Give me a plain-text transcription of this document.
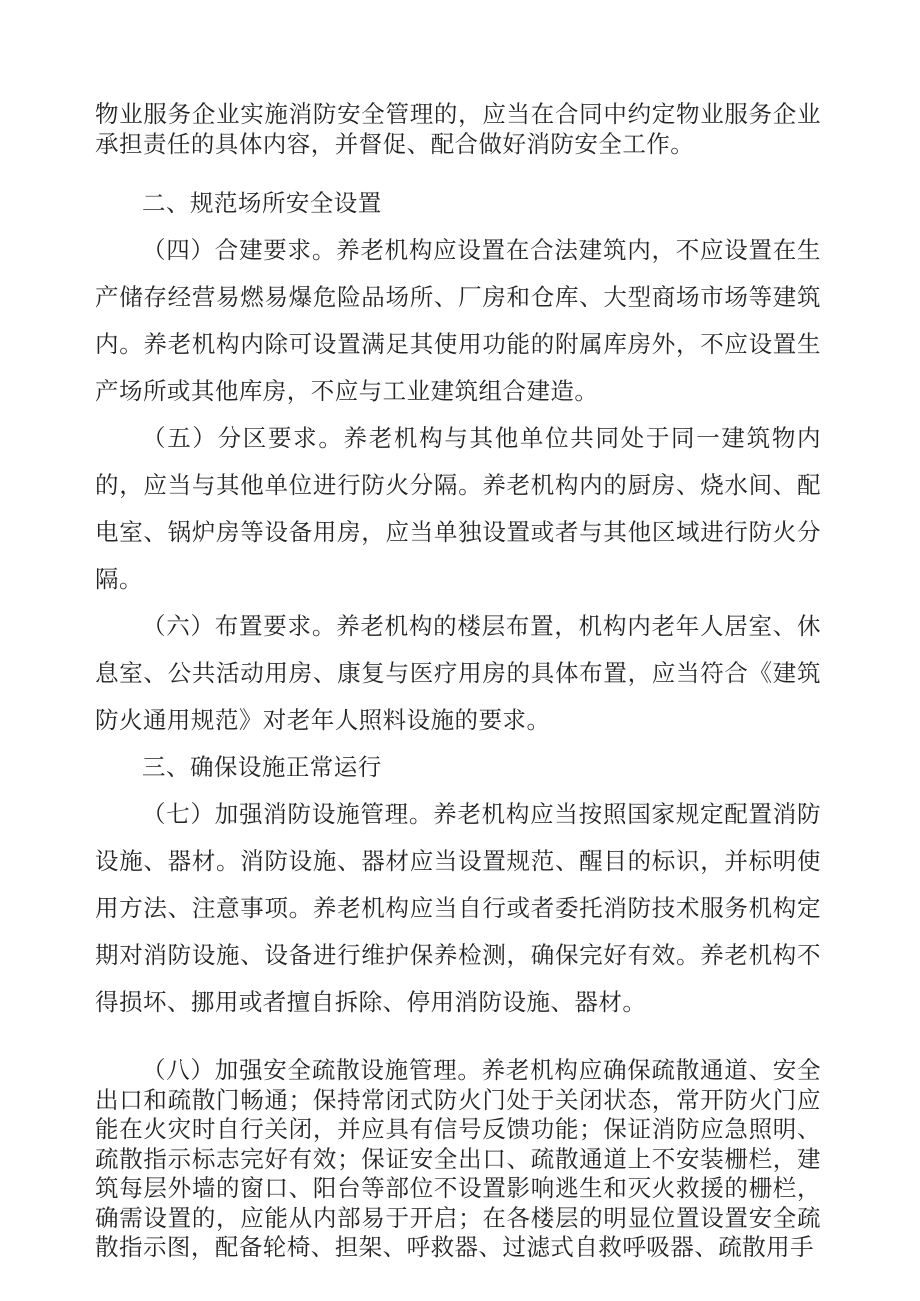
物业服务企业实施消防安全管理的，应当在合同中约定物业服务企业承担责任的具体内容，并督促、配合做好消防安全工作。

二、规范场所安全设置

（四）合建要求。养老机构应设置在合法建筑内，不应设置在生产储存经营易燃易爆危险品场所、厂房和仓库、大型商场市场等建筑内。养老机构内除可设置满足其使用功能的附属库房外，不应设置生产场所或其他库房，不应与工业建筑组合建造。

（五）分区要求。养老机构与其他单位共同处于同一建筑物内的，应当与其他单位进行防火分隔。养老机构内的厨房、烧水间、配电室、锅炉房等设备用房，应当单独设置或者与其他区域进行防火分隔。

（六）布置要求。养老机构的楼层布置，机构内老年人居室、休息室、公共活动用房、康复与医疗用房的具体布置，应当符合《建筑防火通用规范》对老年人照料设施的要求。

三、确保设施正常运行

（七）加强消防设施管理。养老机构应当按照国家规定配置消防设施、器材。消防设施、器材应当设置规范、醒目的标识，并标明使用方法、注意事项。养老机构应当自行或者委托消防技术服务机构定期对消防设施、设备进行维护保养检测，确保完好有效。养老机构不得损坏、挪用或者擅自拆除、停用消防设施、器材。

（八）加强安全疏散设施管理。养老机构应确保疏散通道、安全出口和疏散门畅通；保持常闭式防火门处于关闭状态，常开防火门应能在火灾时自行关闭，并应具有信号反馈功能；保证消防应急照明、疏散指示标志完好有效；保证安全出口、疏散通道上不安装栅栏，建筑每层外墙的窗口、阳台等部位不设置影响逃生和灭火救援的栅栏，确需设置的，应能从内部易于开启；在各楼层的明显位置设置安全疏散指示图，配备轮椅、担架、呼救器、过滤式自救呼吸器、疏散用手
